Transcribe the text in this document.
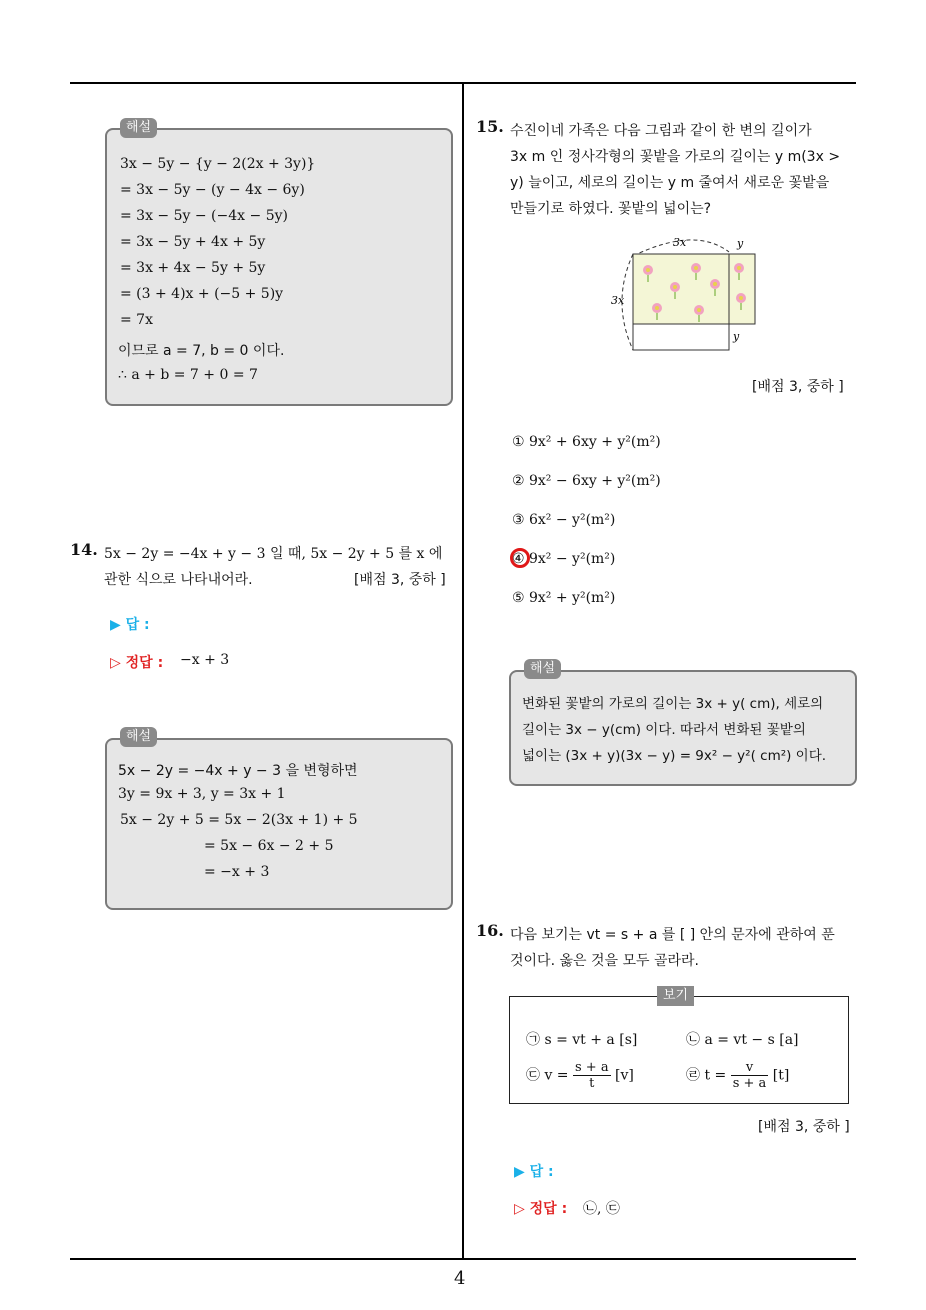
4
해설
3x − 5y − {y − 2(2x + 3y)}
= 3x − 5y − (y − 4x − 6y)
= 3x − 5y − (−4x − 5y)
= 3x − 5y + 4x + 5y
= 3x + 4x − 5y + 5y
= (3 + 4)x + (−5 + 5)y
= 7x
이므로 a = 7, b = 0 이다.
∴ a + b = 7 + 0 = 7
14. 5x − 2y = −4x + y − 3 일 때, 5x − 2y + 5 를 x 에
관한 식으로 나타내어라.	[배점 3, 중하 ]
▶ 답 :
▷ 정답 : −x + 3
해설
5x − 2y = −4x + y − 3 을 변형하면
3y = 9x + 3, y = 3x + 1
5x − 2y + 5 = 5x − 2(3x + 1) + 5
= 5x − 6x − 2 + 5
= −x + 3
15. 수진이네 가족은 다음 그림과 같이 한 변의 길이가
3x m 인 정사각형의 꽃밭을 가로의 길이는 y m(3x >
y) 늘이고, 세로의 길이는 y m 줄여서 새로운 꽃밭을
만들기로 하였다. 꽃밭의 넓이는?
3x
3x
y
y
[배점 3, 중하 ]
① 9x² + 6xy + y²(m²)
② 9x² − 6xy + y²(m²)
③ 6x² − y²(m²)
④ 9x² − y²(m²)
⑤ 9x² + y²(m²)
해설
변화된 꽃밭의 가로의 길이는 3x + y( cm), 세로의
길이는 3x − y(cm) 이다. 따라서 변화된 꽃밭의
넓이는 (3x + y)(3x − y) = 9x² − y²( cm²) 이다.
16. 다음 보기는 vt = s + a 를 [ ] 안의 문자에 관하여 푼
것이다. 옳은 것을 모두 골라라.
보기
㉠ s = vt + a [s]	㉡ a = vt − s [a]
㉢ $v = \frac{s + a}{t} [v]$	㉣ $t = \frac{v}{s + a} [t]$
[배점 3, 중하 ]
▶ 답 :
▷ 정답 : ㉡, ㉢
